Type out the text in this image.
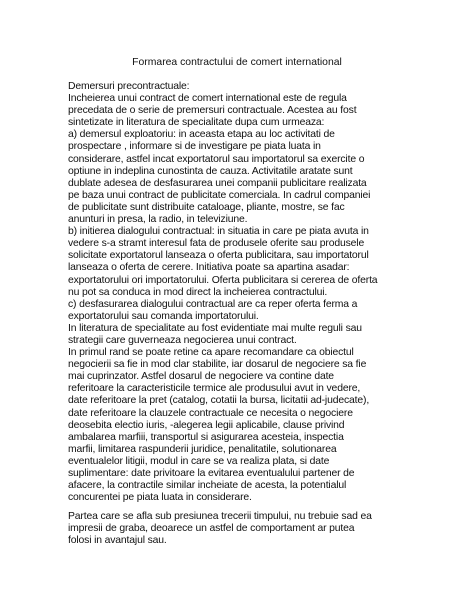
Formarea contractului de comert international
Demersuri precontractuale:
Incheierea unui contract de comert international este de regula
precedata de o serie de premersuri contractuale. Acestea au fost
sintetizate in literatura de specialitate dupa cum urmeaza:
a) demersul exploatoriu: in aceasta etapa au loc activitati de
prospectare , informare si de investigare pe piata luata in
considerare, astfel incat exportatorul sau importatorul sa exercite o
optiune in indeplina cunostinta de cauza. Activitatile aratate sunt
dublate adesea de desfasurarea unei companii publicitare realizata
pe baza unui contract de publicitate comerciala. In cadrul companiei
de publicitate sunt distribuite cataloage, pliante, mostre, se fac
anunturi in presa, la radio, in televiziune.
b) initierea dialogului contractual: in situatia in care pe piata avuta in
vedere s-a stramt interesul fata de produsele oferite sau produsele
solicitate exportatorul lanseaza o oferta publicitara, sau importatorul
lanseaza o oferta de cerere. Initiativa poate sa apartina asadar:
exportatorului ori importatorului. Oferta publicitara si cererea de oferta
nu pot sa conduca in mod direct la incheierea contractului.
c) desfasurarea dialogului contractual are ca reper oferta ferma a
exportatorului sau comanda importatorului.
In literatura de specialitate au fost evidentiate mai multe reguli sau
strategii care guverneaza negocierea unui contract.
In primul rand se poate retine ca apare recomandare ca obiectul
negocierii sa fie in mod clar stabilite, iar dosarul de negociere sa fie
mai cuprinzator. Astfel dosarul de negociere va contine date
referitoare la caracteristicile termice ale produsului avut in vedere,
date referitoare la pret (catalog, cotatii la bursa, licitatii ad-judecate),
date referitoare la clauzele contractuale ce necesita o negociere
deosebita electio iuris, -alegerea legii aplicabile, clause privind
ambalarea marfiii, transportul si asigurarea acesteia, inspectia
marfii, limitarea raspunderii juridice, penalitatile, solutionarea
eventualelor litigii, modul in care se va realiza plata, si date
suplimentare: date privitoare la evitarea eventualului partener de
afacere, la contractile similar incheiate de acesta, la potentialul
concurentei pe piata luata in considerare.
Partea care se afla sub presiunea trecerii timpului, nu trebuie sad ea
impresii de graba, deoarece un astfel de comportament ar putea
folosi in avantajul sau.
